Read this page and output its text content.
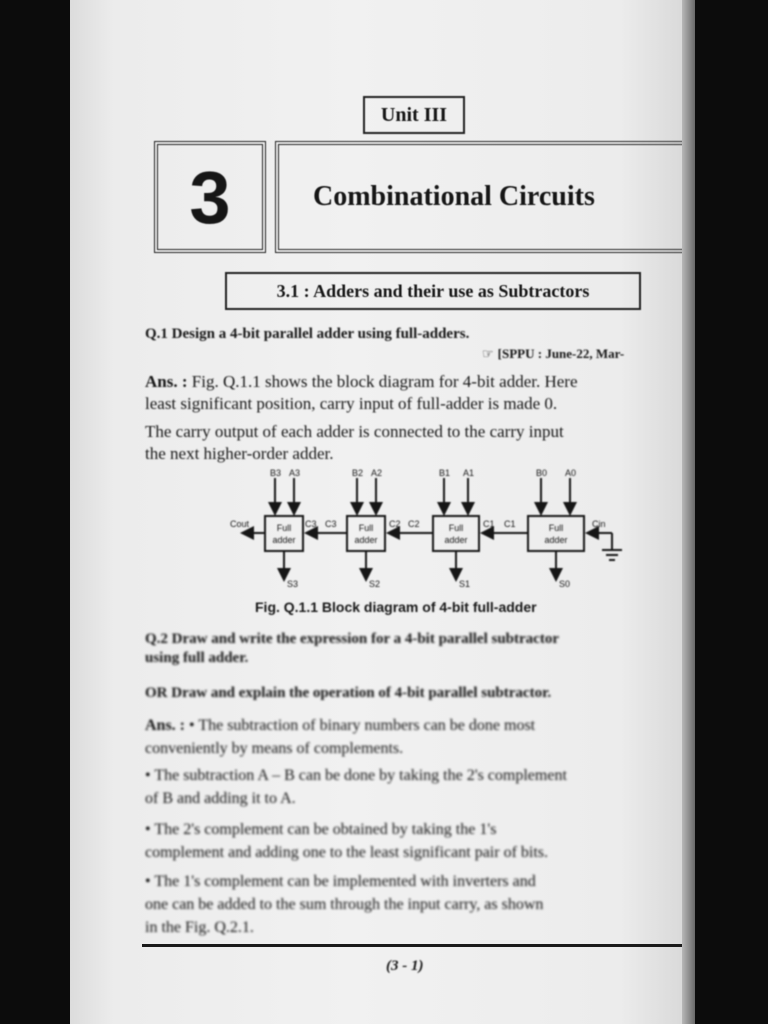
Unit III
3	Combinational Circuits
3.1 : Adders and their use as Subtractors
Q.1 Design a 4-bit parallel adder using full-adders.
☞ [SPPU : June-22, Mar-
Ans. : Fig. Q.1.1 shows the block diagram for 4-bit adder. Here
least significant position, carry input of full-adder is made 0.
The carry output of each adder is connected to the carry input
the next higher-order adder.
Full
adder
Full
adder
Full
adder
Full
adder
B3 A3
S3
Cout	C3
B2 A2
S2
C3	C2
B1 A1
S1
C2	C1
B0 A0
S0
C1	Cin
Fig. Q.1.1 Block diagram of 4-bit full-adder
Q.2 Draw and write the expression for a 4-bit parallel subtractor
using full adder.
OR Draw and explain the operation of 4-bit parallel subtractor.
Ans. : • The subtraction of binary numbers can be done most
conveniently by means of complements.
• The subtraction A – B can be done by taking the 2's complement
of B and adding it to A.
• The 2's complement can be obtained by taking the 1's
complement and adding one to the least significant pair of bits.
• The 1's complement can be implemented with inverters and
one can be added to the sum through the input carry, as shown
in the Fig. Q.2.1.
(3 - 1)
